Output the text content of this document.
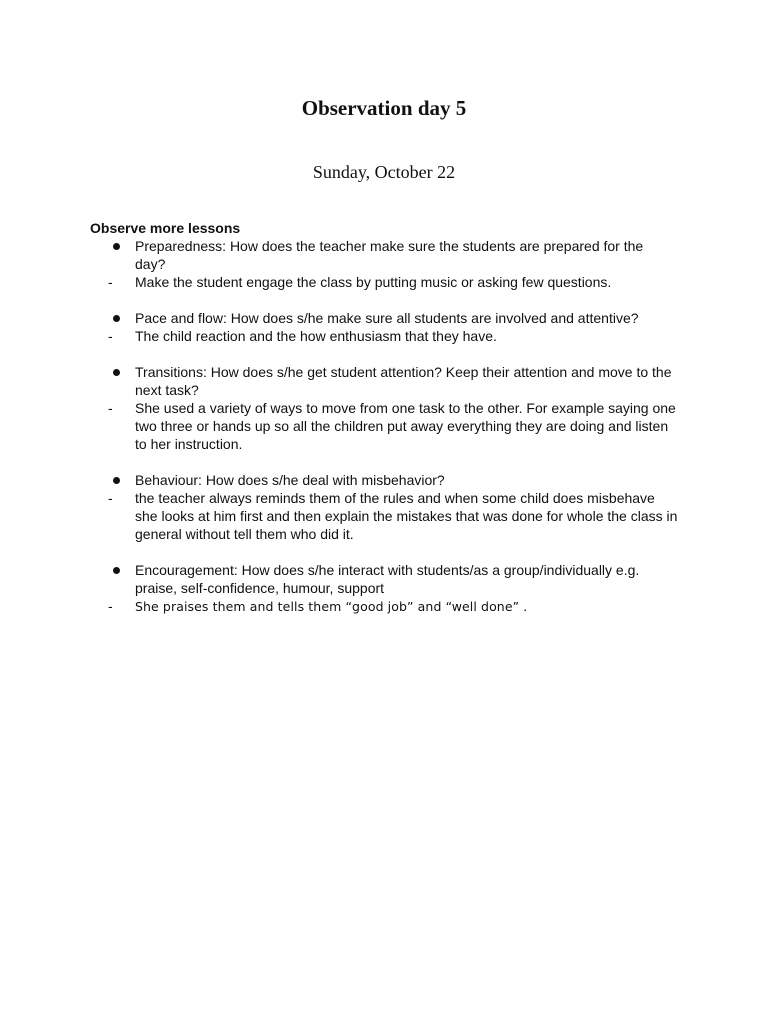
Observation day 5

Sunday, October 22

Observe more lessons

Preparedness: How does the teacher make sure the students are prepared for the day?
-	Make the student engage the class by putting music or asking few questions.
Pace and flow: How does s/he make sure all students are involved and attentive?
-	The child reaction and the how enthusiasm that they have.
Transitions: How does s/he get student attention? Keep their attention and move to the next task?
-	She used a variety of ways to move from one task to the other. For example saying one two three or hands up so all the children put away everything they are doing and listen to her instruction.
Behaviour: How does s/he deal with misbehavior?
-	the teacher always reminds them of the rules and when some child does misbehave she looks at him first and then explain the mistakes that was done for whole the class in general without tell them who did it.
Encouragement: How does s/he interact with students/as a group/individually e.g. praise, self-confidence, humour, support
-	She praises them and tells them “good job” and “well done” .
